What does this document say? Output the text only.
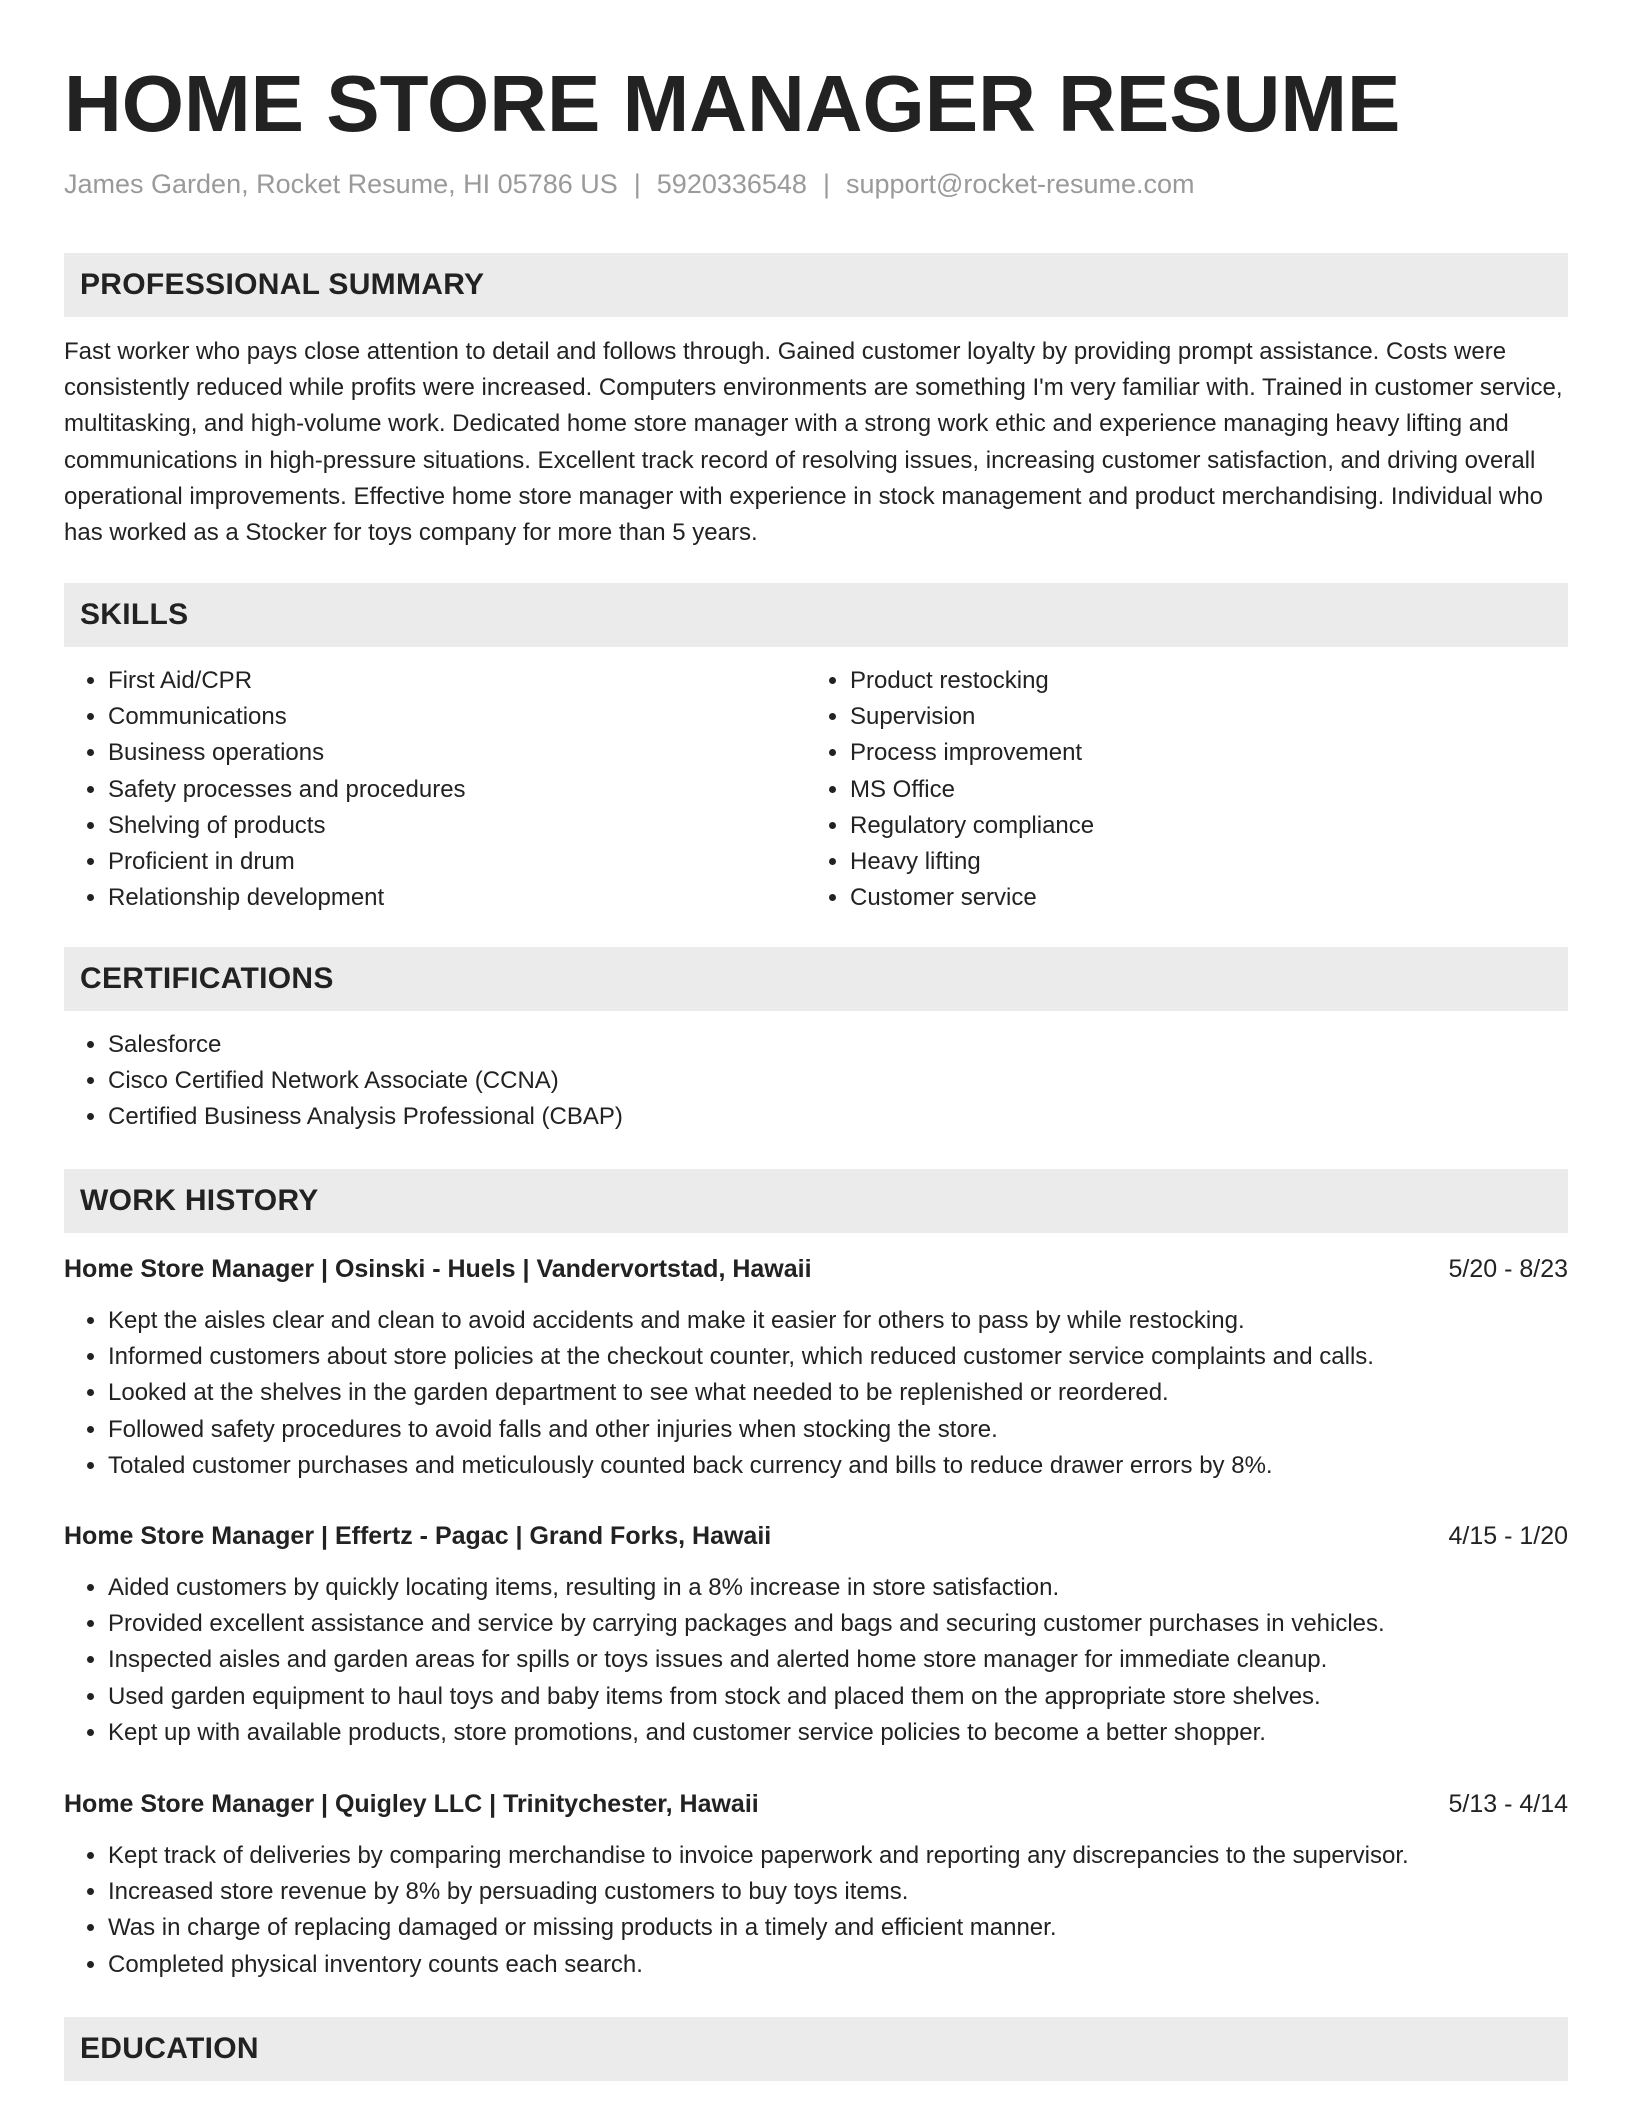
HOME STORE MANAGER RESUME
James Garden, Rocket Resume, HI 05786 US | 5920336548 | support@rocket-resume.com
PROFESSIONAL SUMMARY

Fast worker who pays close attention to detail and follows through. Gained customer loyalty by providing prompt assistance. Costs were consistently reduced while profits were increased. Computers environments are something I'm very familiar with. Trained in customer service, multitasking, and high-volume work. Dedicated home store manager with a strong work ethic and experience managing heavy lifting and communications in high-pressure situations. Excellent track record of resolving issues, increasing customer satisfaction, and driving overall operational improvements. Effective home store manager with experience in stock management and product merchandising. Individual who has worked as a Stocker for toys company for more than 5 years.

SKILLS
• First Aid/CPR
• Communications
• Business operations
• Safety processes and procedures
• Shelving of products
• Proficient in drum
• Relationship development
• Product restocking
• Supervision
• Process improvement
• MS Office
• Regulatory compliance
• Heavy lifting
• Customer service
CERTIFICATIONS
• Salesforce
• Cisco Certified Network Associate (CCNA)
• Certified Business Analysis Professional (CBAP)
WORK HISTORY
Home Store Manager | Osinski - Huels | Vandervortstad, Hawaii	5/20 - 8/23
• Kept the aisles clear and clean to avoid accidents and make it easier for others to pass by while restocking.
• Informed customers about store policies at the checkout counter, which reduced customer service complaints and calls.
• Looked at the shelves in the garden department to see what needed to be replenished or reordered.
• Followed safety procedures to avoid falls and other injuries when stocking the store.
• Totaled customer purchases and meticulously counted back currency and bills to reduce drawer errors by 8%.
Home Store Manager | Effertz - Pagac | Grand Forks, Hawaii	4/15 - 1/20
• Aided customers by quickly locating items, resulting in a 8% increase in store satisfaction.
• Provided excellent assistance and service by carrying packages and bags and securing customer purchases in vehicles.
• Inspected aisles and garden areas for spills or toys issues and alerted home store manager for immediate cleanup.
• Used garden equipment to haul toys and baby items from stock and placed them on the appropriate store shelves.
• Kept up with available products, store promotions, and customer service policies to become a better shopper.
Home Store Manager | Quigley LLC | Trinitychester, Hawaii	5/13 - 4/14
• Kept track of deliveries by comparing merchandise to invoice paperwork and reporting any discrepancies to the supervisor.
• Increased store revenue by 8% by persuading customers to buy toys items.
• Was in charge of replacing damaged or missing products in a timely and efficient manner.
• Completed physical inventory counts each search.
EDUCATION
